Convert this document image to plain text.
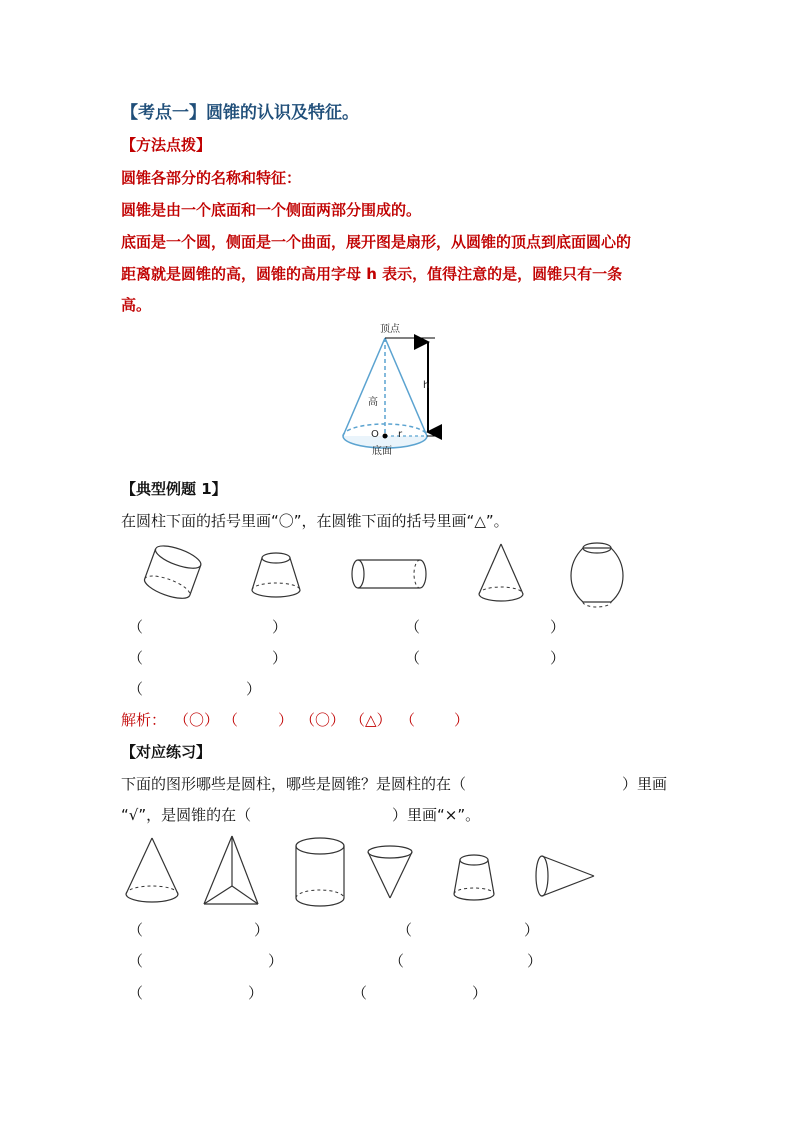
【考点一】圆锥的认识及特征。
【方法点拨】
圆锥各部分的名称和特征：
圆锥是由一个底面和一个侧面两部分围成的。
底面是一个圆，侧面是一个曲面，展开图是扇形，从圆锥的顶点到底面圆心的
距离就是圆锥的高，圆锥的高用字母 h 表示，值得注意的是，圆锥只有一条
高。
顶点
高
h
O r
底面
【典型例题 1】
在圆柱下面的括号里画“〇”，在圆锥下面的括号里画“△”。
（	）	（	）
（	）	（	）
（	）
解析： （〇） （	） （〇） （△） （	）
【对应练习】
下面的图形哪些是圆柱，哪些是圆锥？是圆柱的在（	）里画
“√”，是圆锥的在（	）里画“×”。
（	）	（	）
（	）	（	）
（	）	（	）
